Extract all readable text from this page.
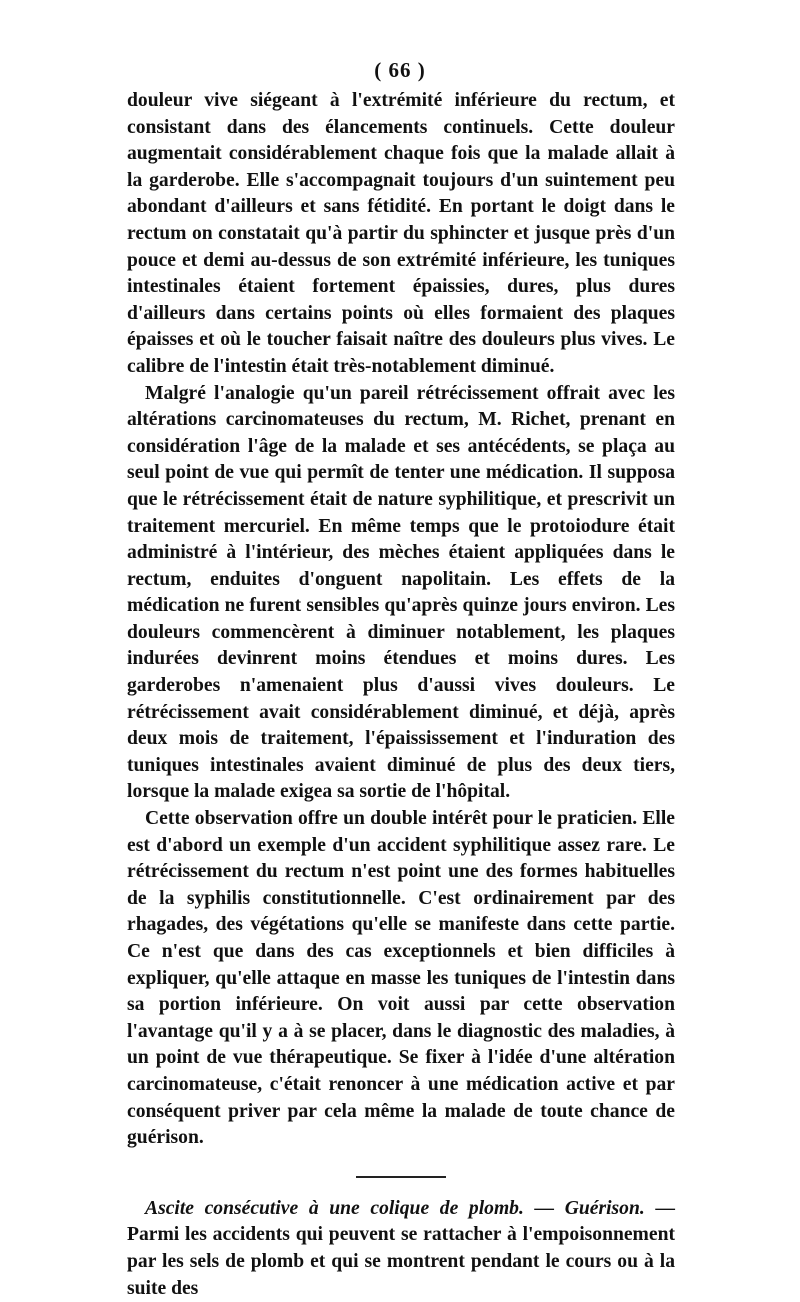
( 66 )

douleur vive siégeant à l'extrémité inférieure du rectum, et consistant dans des élancements continuels. Cette douleur augmentait considérablement chaque fois que la malade allait à la garderobe. Elle s'accompagnait toujours d'un suintement peu abondant d'ailleurs et sans fétidité. En portant le doigt dans le rectum on constatait qu'à partir du sphincter et jusque près d'un pouce et demi au-dessus de son extrémité inférieure, les tuniques intestinales étaient fortement épaissies, dures, plus dures d'ailleurs dans certains points où elles formaient des plaques épaisses et où le toucher faisait naître des douleurs plus vives. Le calibre de l'intestin était très-notablement diminué.

Malgré l'analogie qu'un pareil rétrécissement offrait avec les altérations carcinomateuses du rectum, M. Richet, prenant en considération l'âge de la malade et ses antécédents, se plaça au seul point de vue qui permît de tenter une médication. Il supposa que le rétrécissement était de nature syphilitique, et prescrivit un traitement mercuriel. En même temps que le protoiodure était administré à l'intérieur, des mèches étaient appliquées dans le rectum, enduites d'onguent napolitain. Les effets de la médication ne furent sensibles qu'après quinze jours environ. Les douleurs commencèrent à diminuer notablement, les plaques indurées devinrent moins étendues et moins dures. Les garderobes n'amenaient plus d'aussi vives douleurs. Le rétrécissement avait considérablement diminué, et déjà, après deux mois de traitement, l'épaississement et l'induration des tuniques intestinales avaient diminué de plus des deux tiers, lorsque la malade exigea sa sortie de l'hôpital.

Cette observation offre un double intérêt pour le praticien. Elle est d'abord un exemple d'un accident syphilitique assez rare. Le rétrécissement du rectum n'est point une des formes habituelles de la syphilis constitutionnelle. C'est ordinairement par des rhagades, des végétations qu'elle se manifeste dans cette partie. Ce n'est que dans des cas exceptionnels et bien difficiles à expliquer, qu'elle attaque en masse les tuniques de l'intestin dans sa portion inférieure. On voit aussi par cette observation l'avantage qu'il y a à se placer, dans le diagnostic des maladies, à un point de vue thérapeutique. Se fixer à l'idée d'une altération carcinomateuse, c'était renoncer à une médication active et par conséquent priver par cela même la malade de toute chance de guérison.

Ascite consécutive à une colique de plomb. — Guérison. — Parmi les accidents qui peuvent se rattacher à l'empoisonnement par les sels de plomb et qui se montrent pendant le cours ou à la suite des
